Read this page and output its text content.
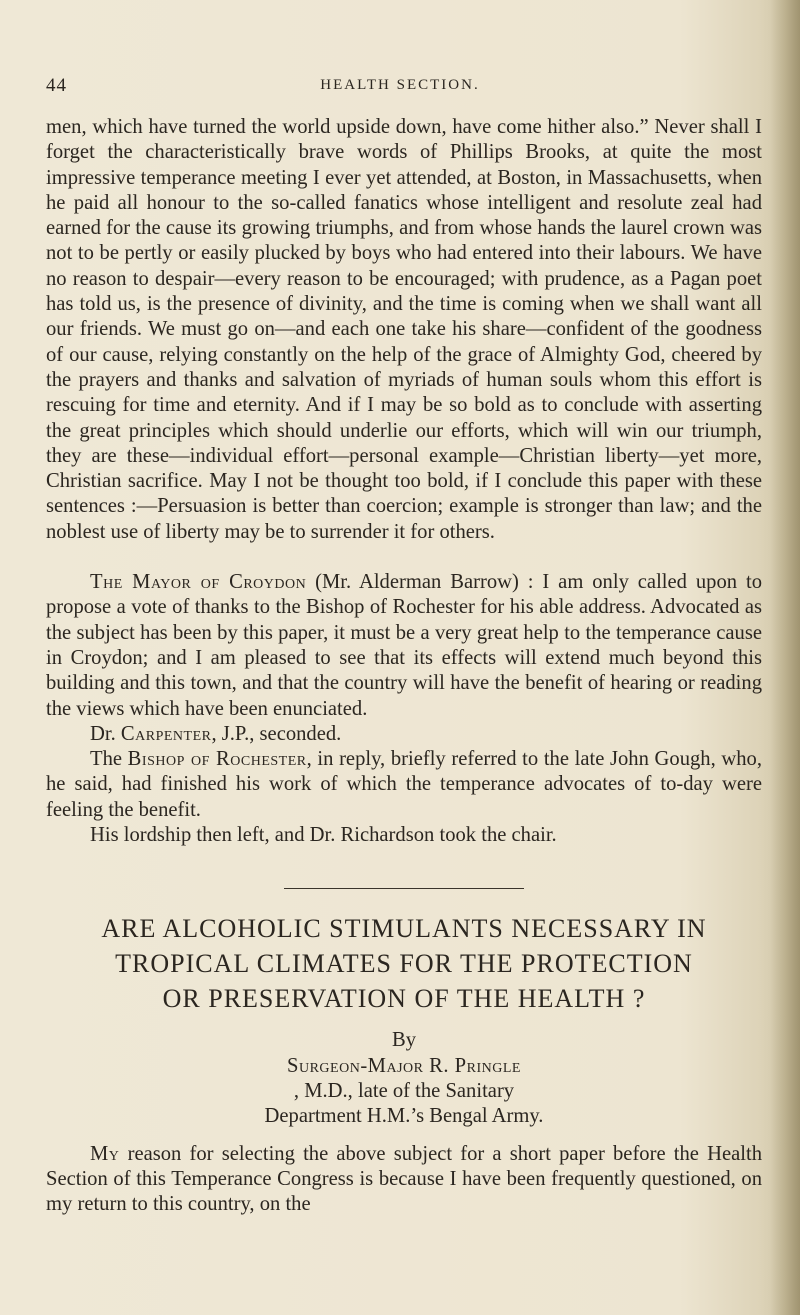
44	HEALTH SECTION.

men, which have turned the world upside down, have come hither also.” Never shall I forget the characteristically brave words of Phillips Brooks, at quite the most impressive temperance meeting I ever yet attended, at Boston, in Massachusetts, when he paid all honour to the so-called fanatics whose intelligent and resolute zeal had earned for the cause its growing triumphs, and from whose hands the laurel crown was not to be pertly or easily plucked by boys who had entered into their labours. We have no reason to despair—every reason to be encouraged; with prudence, as a Pagan poet has told us, is the presence of divinity, and the time is coming when we shall want all our friends. We must go on—and each one take his share—confident of the goodness of our cause, relying constantly on the help of the grace of Almighty God, cheered by the prayers and thanks and salvation of myriads of human souls whom this effort is rescuing for time and eternity. And if I may be so bold as to conclude with asserting the great principles which should underlie our efforts, which will win our triumph, they are these—individual effort—personal example—Christian liberty—yet more, Christian sacrifice. May I not be thought too bold, if I conclude this paper with these sentences :—Persuasion is better than coercion; example is stronger than law; and the noblest use of liberty may be to surrender it for others.

The Mayor of Croydon (Mr. Alderman Barrow) : I am only called upon to propose a vote of thanks to the Bishop of Rochester for his able address. Advocated as the subject has been by this paper, it must be a very great help to the temperance cause in Croydon; and I am pleased to see that its effects will extend much beyond this building and this town, and that the country will have the benefit of hearing or reading the views which have been enunciated.

Dr. Carpenter, J.P., seconded.

The Bishop of Rochester, in reply, briefly referred to the late John Gough, who, he said, had finished his work of which the temperance advocates of to-day were feeling the benefit.

His lordship then left, and Dr. Richardson took the chair.

ARE ALCOHOLIC STIMULANTS NECESSARY IN
TROPICAL CLIMATES FOR THE PROTECTION
OR PRESERVATION OF THE HEALTH ?

By
Surgeon-Major R. Pringle
, M.D., late of the Sanitary
Department H.M.’s Bengal Army.

My reason for selecting the above subject for a short paper before the Health Section of this Temperance Congress is because I have been frequently questioned, on my return to this country, on the
